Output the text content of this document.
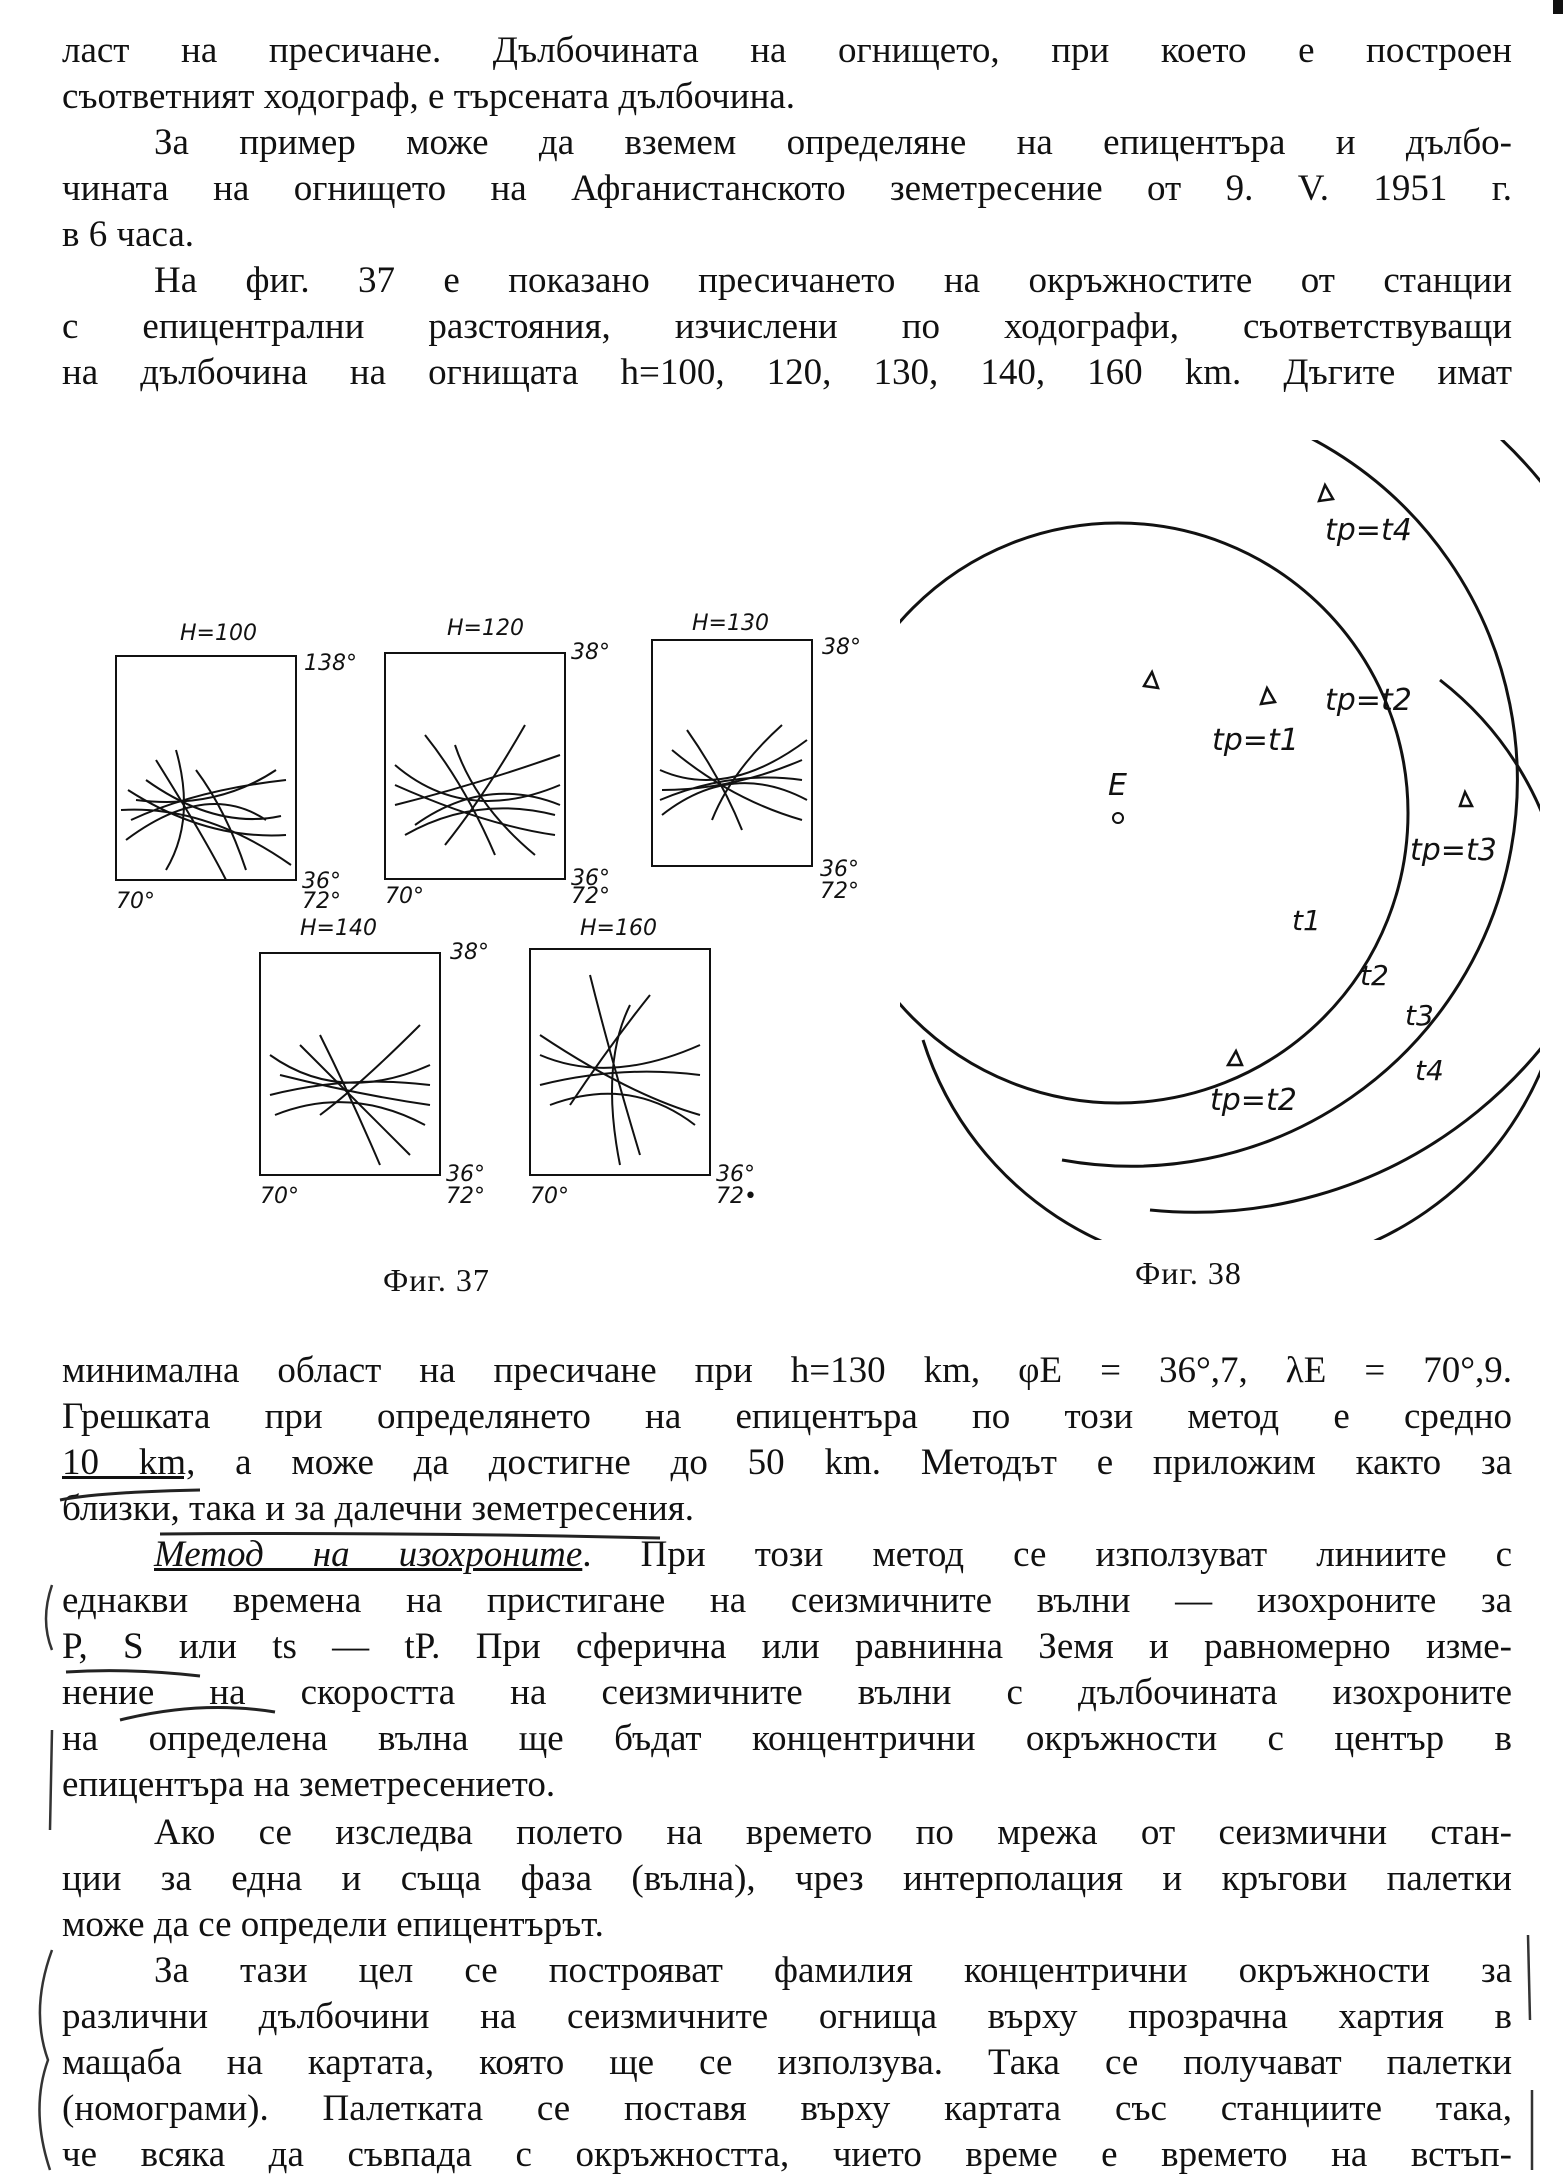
ласт на пресичане. Дълбочината на огнището, при което е построен
съответният ходограф, е търсената дълбочина.

За пример може да вземем определяне на епицентъра и дълбо-
чината на огнището на Афганистанското земетресение от 9. V. 1951 г.
в 6 часа.

На фиг. 37 е показано пресичането на окръжностите от станции
с епицентрални разстояния, изчислени по ходографи, съответствуващи
на дълбочина на огнищата h=100, 120, 130, 140, 160 km. Дъгите имат

H=100
138°
36°
70°	72°
H=120
38°
36°
70°	72°
H=130
38°
36°
72°
H=140
38°
36°
70°	72°
H=160
36°
70°	72•
Фиг. 37
E
tp=t4
tp=t2
tp=t1
tp=t3
tp=t2
t1
t2
t3
t4
Фиг. 38

минимална област на пресичане при h=130 km, φE = 36°,7, λE = 70°,9.
Грешката при определянето на епицентъра по този метод е средно
10 km, а може да достигне до 50 km. Методът е приложим както за
близки, така и за далечни земетресения.

Метод на изохроните. При този метод се използуват линиите с
еднакви времена на пристигане на сеизмичните вълни — изохроните за
P, S или ts — tP. При сферична или равнинна Земя и равномерно изме-
нение на скоростта на сеизмичните вълни с дълбочината изохроните
на определена вълна ще бъдат концентрични окръжности с център в
епицентъра на земетресението.

Ако се изследва полето на времето по мрежа от сеизмични стан-
ции за една и съща фаза (вълна), чрез интерполация и кръгови палетки
може да се определи епицентърът.

За тази цел се построяват фамилия концентрични окръжности за
различни дълбочини на сеизмичните огнища върху прозрачна хартия в
мащаба на картата, която ще се използува. Така се получават палетки
(номограми). Палетката се поставя върху картата със станциите така,
че всяка да съвпада с окръжността, чието време е времето на встъп-
